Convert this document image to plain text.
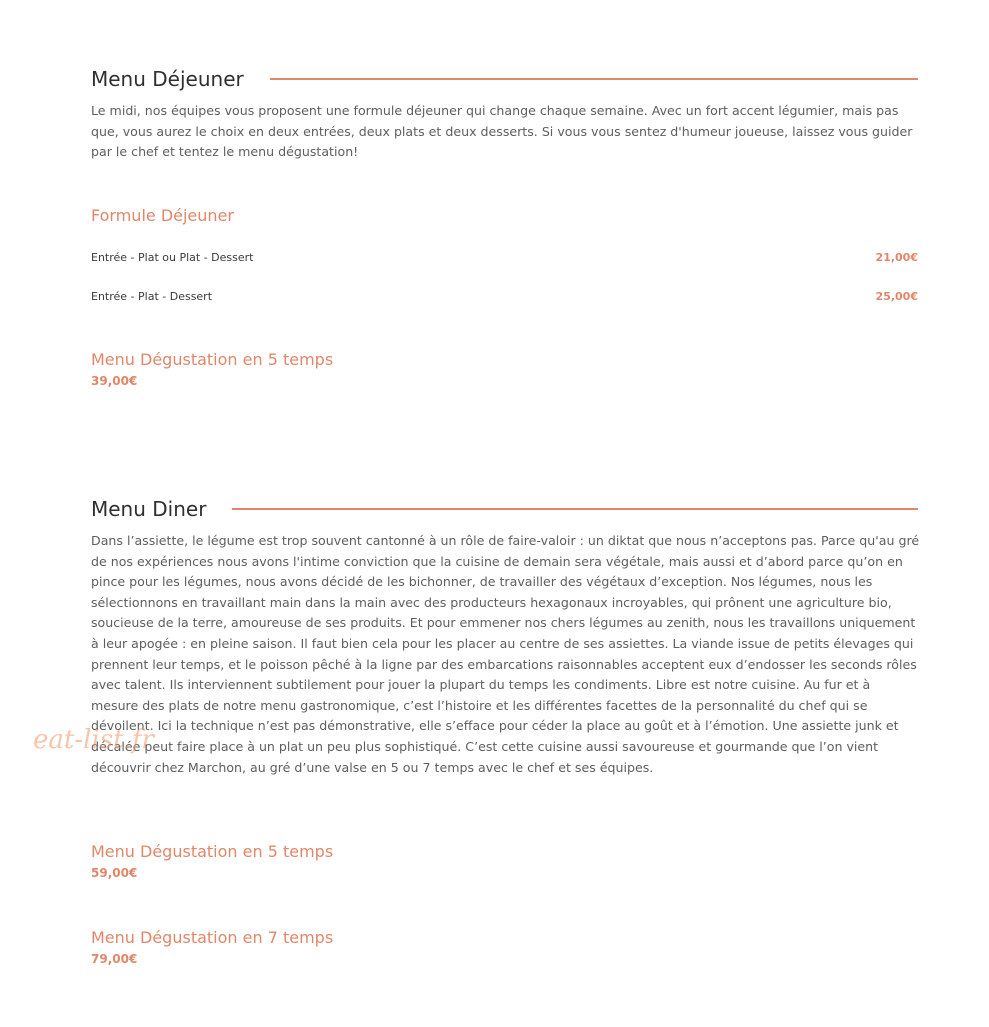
Menu Déjeuner

Le midi, nos équipes vous proposent une formule déjeuner qui change chaque semaine. Avec un fort accent légumier, mais pas que, vous aurez le choix en deux entrées, deux plats et deux desserts. Si vous vous sentez d'humeur joueuse, laissez vous guider par le chef et tentez le menu dégustation!

Formule Déjeuner
Entrée - Plat ou Plat - Dessert	21,00€
Entrée - Plat - Dessert	25,00€
Menu Dégustation en 5 temps
39,00€
Menu Diner

Dans l’assiette, le légume est trop souvent cantonné à un rôle de faire-valoir : un diktat que nous n’acceptons pas. Parce qu'au gré de nos expériences nous avons l'intime conviction que la cuisine de demain sera végétale, mais aussi et d’abord parce qu’on en pince pour les légumes, nous avons décidé de les bichonner, de travailler des végétaux d’exception. Nos légumes, nous les sélectionnons en travaillant main dans la main avec des producteurs hexagonaux incroyables, qui prônent une agriculture bio, soucieuse de la terre, amoureuse de ses produits. Et pour emmener nos chers légumes au zenith, nous les travaillons uniquement à leur apogée : en pleine saison. Il faut bien cela pour les placer au centre de ses assiettes. La viande issue de petits élevages qui prennent leur temps, et le poisson pêché à la ligne par des embarcations raisonnables acceptent eux d’endosser les seconds rôles avec talent. Ils interviennent subtilement pour jouer la plupart du temps les condiments. Libre est notre cuisine. Au fur et à mesure des plats de notre menu gastronomique, c’est l’histoire et les différentes facettes de la personnalité du chef qui se dévoilent. Ici la technique n’est pas démonstrative, elle s’efface pour céder la place au goût et à l’émotion. Une assiette junk et décalée peut faire place à un plat un peu plus sophistiqué. C’est cette cuisine aussi savoureuse et gourmande que l’on vient découvrir chez Marchon, au gré d’une valse en 5 ou 7 temps avec le chef et ses équipes.

Menu Dégustation en 5 temps
59,00€
Menu Dégustation en 7 temps
79,00€
eat-list.fr
